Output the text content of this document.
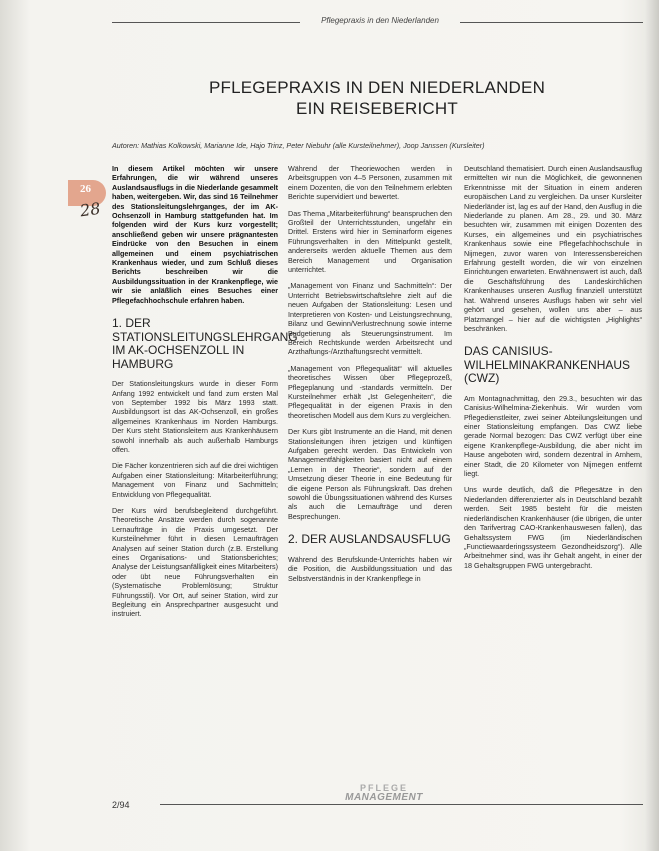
Pflegepraxis in den Niederlanden
PFLEGEPRAXIS IN DEN NIEDERLANDEN
EIN REISEBERICHT
Autoren: Mathias Kolkowski, Marianne Ide, Hajo Trinz, Peter Niebuhr (alle Kursteilnehmer), Joop Janssen (Kursleiter)
26
28

In diesem Artikel möchten wir unsere Erfahrungen, die wir während unseres Auslandsausflugs in die Niederlande gesammelt haben, weitergeben. Wir, das sind 16 Teilnehmer des Stationsleitungslehrganges, der im AK-Ochsenzoll in Hamburg stattgefunden hat. Im folgenden wird der Kurs kurz vorgestellt; anschließend geben wir unsere prägnantesten Eindrücke von den Besuchen in einem allgemeinen und einem psychiatrischen Krankenhaus wieder, und zum Schluß dieses Berichts beschreiben wir die Ausbildungssituation in der Krankenpflege, wie wir sie anläßlich eines Besuches einer Pflegefachhochschule erfahren haben.

1. DER STATIONSLEITUNGSLEHRGANG IM AK-OCHSENZOLL IN HAMBURG

Der Stationsleitungskurs wurde in dieser Form Anfang 1992 entwickelt und fand zum ersten Mal von September 1992 bis März 1993 statt. Ausbildungsort ist das AK-Ochsenzoll, ein großes allgemeines Krankenhaus im Norden Hamburgs. Der Kurs steht Stationsleitern aus Krankenhäusern sowohl innerhalb als auch außerhalb Hamburgs offen.

Die Fächer konzentrieren sich auf die drei wichtigen Aufgaben einer Stationsleitung: Mitarbeiterführung; Management von Finanz und Sachmitteln; Entwicklung von Pflegequalität.

Der Kurs wird berufsbegleitend durchgeführt. Theoretische Ansätze werden durch sogenannte Lernaufträge in die Praxis umgesetzt. Der Kursteilnehmer führt in diesen Lernaufträgen Analysen auf seiner Station durch (z.B. Erstellung eines Organisations- und Stationsberichtes; Analyse der Leistungsanfälligkeit eines Mitarbeiters) oder übt neue Führungsverhalten ein (Systematische Problemlösung; Struktur Führungsstil). Vor Ort, auf seiner Station, wird zur Begleitung ein Ansprechpartner ausgesucht und instruiert.

Während der Theoriewochen werden in Arbeitsgruppen von 4–5 Personen, zusammen mit einem Dozenten, die von den Teilnehmern erlebten Berichte supervidiert und bewertet.

Das Thema „Mitarbeiterführung“ beanspruchen den Großteil der Unterrichtsstunden, ungefähr ein Drittel. Erstens wird hier in Seminarform eigenes Führungsverhalten in den Mittelpunkt gestellt, andererseits werden aktuelle Themen aus dem Bereich Management und Organisation unterrichtet.

„Management von Finanz und Sachmitteln“: Der Unterricht Betriebswirtschaftslehre zielt auf die neuen Aufgaben der Stationsleitung: Lesen und Interpretieren von Kosten- und Leistungsrechnung, Bilanz und Gewinn/Verlustrechnung sowie interne Budgetierung als Steuerungsinstrument. Im Bereich Rechtskunde werden Arbeitsrecht und Arzthaftungs-/Arzthaftungsrecht vermittelt.

„Management von Pflegequalität“ will aktuelles theoretisches Wissen über Pflegeprozeß, Pflegeplanung und -standards vermitteln. Der Kursteilnehmer erhält „Ist Gelegenheiten“, die Pflegequalität in der eigenen Praxis in den theoretischen Modell aus dem Kurs zu vergleichen.

Der Kurs gibt Instrumente an die Hand, mit denen Stationsleitungen ihren jetzigen und künftigen Aufgaben gerecht werden. Das Entwickeln von Managementfähigkeiten basiert nicht auf einem „Lernen in der Theorie“, sondern auf der Umsetzung dieser Theorie in eine Bedeutung für die eigene Person als Führungskraft. Das drehen sowohl die Übungssituationen während des Kurses als auch die Lernaufträge und deren Besprechungen.

2. DER AUSLANDSAUSFLUG

Während des Berufskunde-Unterrichts haben wir die Position, die Ausbildungssituation und das Selbstverständnis in der Krankenpflege in

Deutschland thematisiert. Durch einen Auslandsausflug ermittelten wir nun die Möglichkeit, die gewonnenen Erkenntnisse mit der Situation in einem anderen europäischen Land zu vergleichen. Da unser Kursleiter Niederländer ist, lag es auf der Hand, den Ausflug in die Niederlande zu planen. Am 28., 29. und 30. März besuchten wir, zusammen mit einigen Dozenten des Kurses, ein allgemeines und ein psychiatrisches Krankenhaus sowie eine Pflegefachhochschule in Nijmegen, zuvor waren von Interessensbereichen Erfahrung gestellt worden, die wir von einzelnen Einrichtungen erwarteten. Erwähnenswert ist auch, daß die Geschäftsführung des Landeskirchlichen Krankenhauses unseren Ausflug finanziell unterstützt hat. Während unseres Ausflugs haben wir sehr viel gehört und gesehen, wollen uns aber – aus Platzmangel – hier auf die wichtigsten „Highlights“ beschränken.

DAS CANISIUS-WILHELMINAKRANKENHAUS (CWZ)

Am Montagnachmittag, den 29.3., besuchten wir das Canisius-Wilhelmina-Ziekenhuis. Wir wurden vom Pflegedienstleiter, zwei seiner Abteilungsleitungen und einer Stationsleitung empfangen. Das CWZ liebe gerade Normal bezogen: Das CWZ verfügt über eine eigene Krankenpflege-Ausbildung, die aber nicht im Hause angeboten wird, sondern dezentral in Arnhem, einer Stadt, die 20 Kilometer von Nijmegen entfernt liegt.

Uns wurde deutlich, daß die Pflegesätze in den Niederlanden differenzierter als in Deutschland bezahlt werden. Seit 1985 besteht für die meisten niederländischen Krankenhäuser (die übrigen, die unter den Tarifvertrag CAO-Krankenhauswesen fallen), das Gehaltssystem FWG (im Niederländischen „Functiewaarderingssysteem Gezondheidszorg“). Alle Arbeitnehmer sind, was ihr Gehalt angeht, in einer der 18 Gehaltsgruppen FWG untergebracht.

2/94
PFLEGE
MANAGEMENT
